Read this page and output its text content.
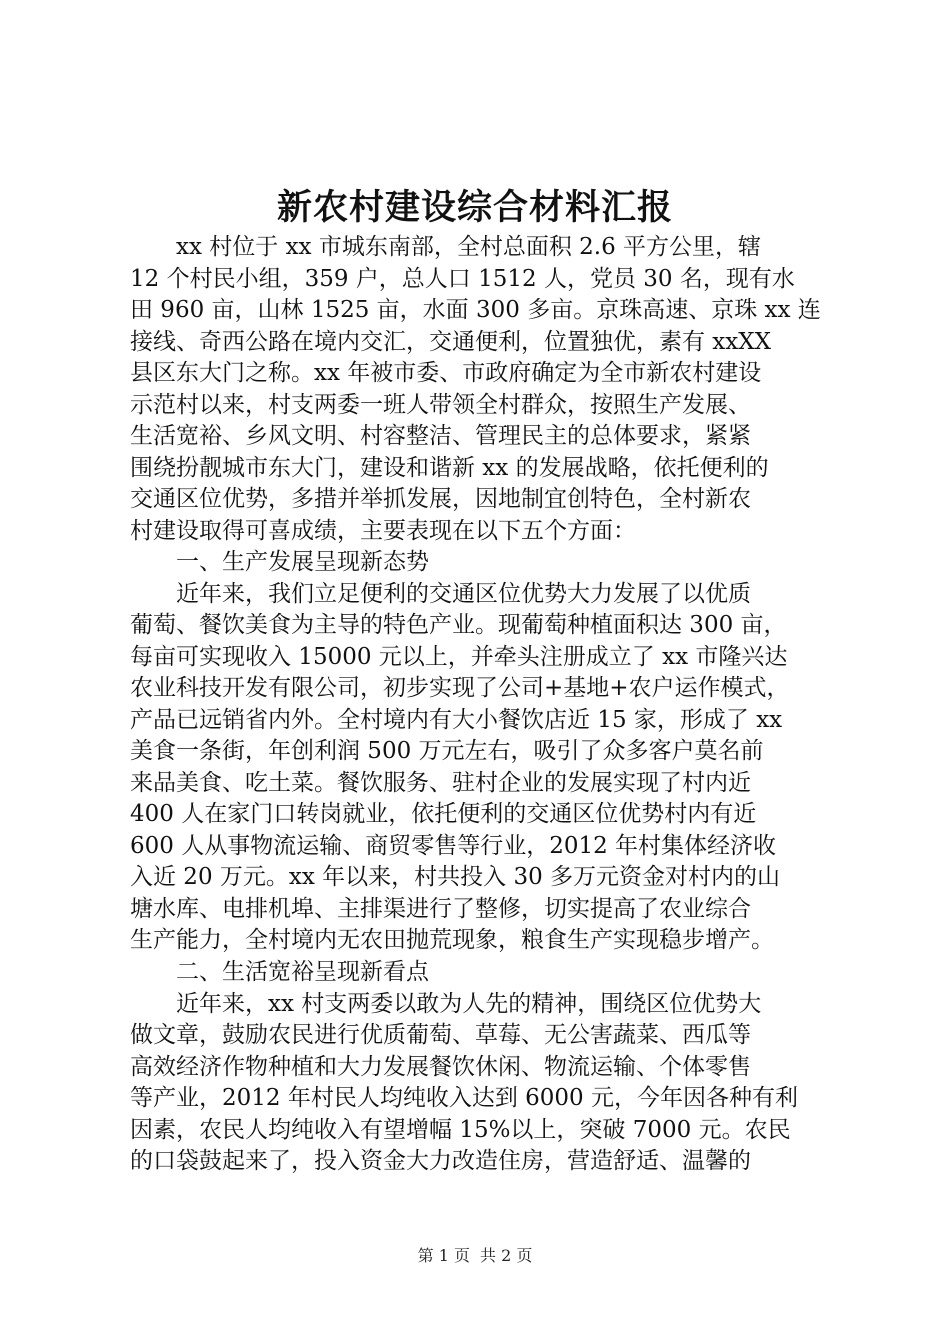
新农村建设综合材料汇报
xx 村位于 xx 市城东南部，全村总面积 2.6 平方公里，辖
12 个村民小组，359 户，总人口 1512 人，党员 30 名，现有水
田 960 亩，山林 1525 亩，水面 300 多亩。京珠高速、京珠 xx 连
接线、奇西公路在境内交汇，交通便利，位置独优，素有 xxXX
县区东大门之称。xx 年被市委、市政府确定为全市新农村建设
示范村以来，村支两委一班人带领全村群众，按照生产发展、
生活宽裕、乡风文明、村容整洁、管理民主的总体要求，紧紧
围绕扮靓城市东大门，建设和谐新 xx 的发展战略，依托便利的
交通区位优势，多措并举抓发展，因地制宜创特色，全村新农
村建设取得可喜成绩，主要表现在以下五个方面：
一、生产发展呈现新态势
近年来，我们立足便利的交通区位优势大力发展了以优质
葡萄、餐饮美食为主导的特色产业。现葡萄种植面积达 300 亩，
每亩可实现收入 15000 元以上，并牵头注册成立了 xx 市隆兴达
农业科技开发有限公司，初步实现了公司+基地+农户运作模式，
产品已远销省内外。全村境内有大小餐饮店近 15 家，形成了 xx
美食一条街，年创利润 500 万元左右，吸引了众多客户莫名前
来品美食、吃土菜。餐饮服务、驻村企业的发展实现了村内近
400 人在家门口转岗就业，依托便利的交通区位优势村内有近
600 人从事物流运输、商贸零售等行业，2012 年村集体经济收
入近 20 万元。xx 年以来，村共投入 30 多万元资金对村内的山
塘水库、电排机埠、主排渠进行了整修，切实提高了农业综合
生产能力，全村境内无农田抛荒现象，粮食生产实现稳步增产。
二、生活宽裕呈现新看点
近年来，xx 村支两委以敢为人先的精神，围绕区位优势大
做文章，鼓励农民进行优质葡萄、草莓、无公害蔬菜、西瓜等
高效经济作物种植和大力发展餐饮休闲、物流运输、个体零售
等产业，2012 年村民人均纯收入达到 6000 元，今年因各种有利
因素，农民人均纯收入有望增幅 15%以上，突破 7000 元。农民
的口袋鼓起来了，投入资金大力改造住房，营造舒适、温馨的
第 1 页 共 2 页
